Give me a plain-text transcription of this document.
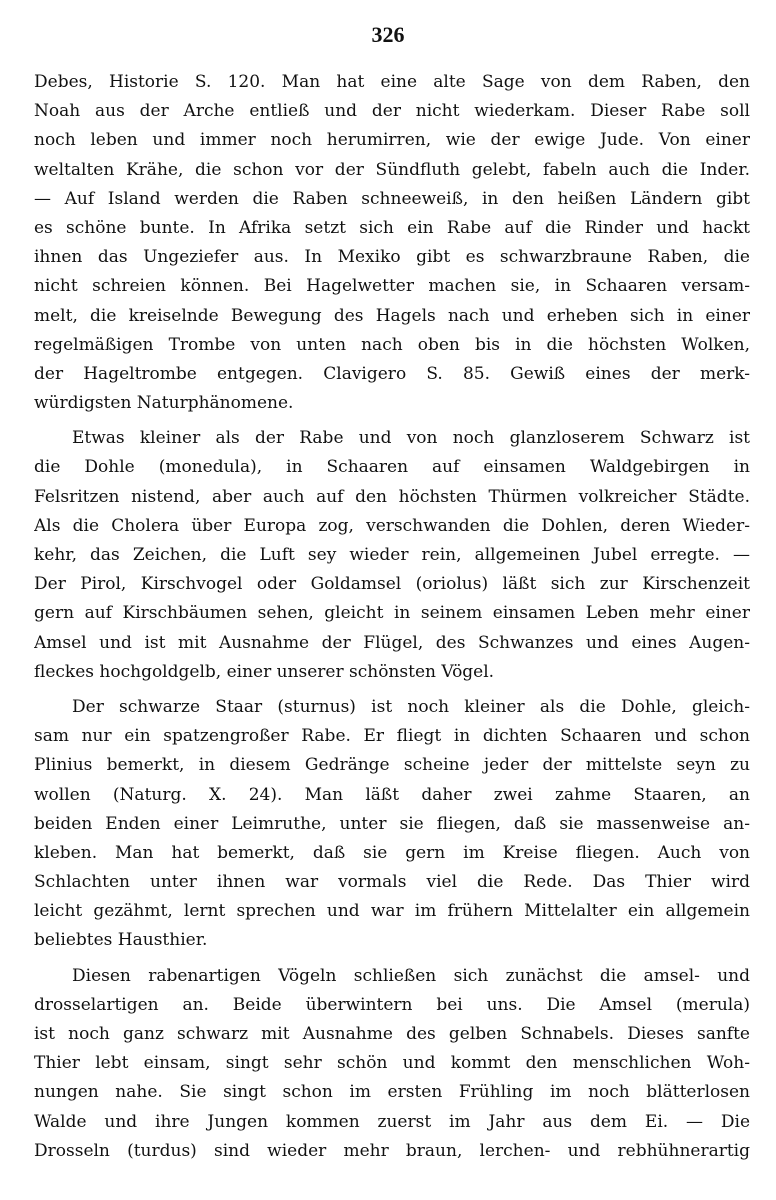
326
Debes, Historie S. 120. Man hat eine alte Sage von dem Raben, den
Noah aus der Arche entließ und der nicht wiederkam. Dieser Rabe soll
noch leben und immer noch herumirren, wie der ewige Jude. Von einer
weltalten Krähe, die schon vor der Sündfluth gelebt, fabeln auch die Inder.
— Auf Island werden die Raben schneeweiß, in den heißen Ländern gibt
es schöne bunte. In Afrika setzt sich ein Rabe auf die Rinder und hackt
ihnen das Ungeziefer aus. In Mexiko gibt es schwarzbraune Raben, die
nicht schreien können. Bei Hagelwetter machen sie, in Schaaren versam-
melt, die kreiselnde Bewegung des Hagels nach und erheben sich in einer
regelmäßigen Trombe von unten nach oben bis in die höchsten Wolken,
der Hageltrombe entgegen. Clavigero S. 85. Gewiß eines der merk-
würdigsten Naturphänomene.
Etwas kleiner als der Rabe und von noch glanzloserem Schwarz ist
die Dohle (monedula), in Schaaren auf einsamen Waldgebirgen in
Felsritzen nistend, aber auch auf den höchsten Thürmen volkreicher Städte.
Als die Cholera über Europa zog, verschwanden die Dohlen, deren Wieder-
kehr, das Zeichen, die Luft sey wieder rein, allgemeinen Jubel erregte. —
Der Pirol, Kirschvogel oder Goldamsel (oriolus) läßt sich zur Kirschenzeit
gern auf Kirschbäumen sehen, gleicht in seinem einsamen Leben mehr einer
Amsel und ist mit Ausnahme der Flügel, des Schwanzes und eines Augen-
fleckes hochgoldgelb, einer unserer schönsten Vögel.
Der schwarze Staar (sturnus) ist noch kleiner als die Dohle, gleich-
sam nur ein spatzengroßer Rabe. Er fliegt in dichten Schaaren und schon
Plinius bemerkt, in diesem Gedränge scheine jeder der mittelste seyn zu
wollen (Naturg. X. 24). Man läßt daher zwei zahme Staaren, an
beiden Enden einer Leimruthe, unter sie fliegen, daß sie massenweise an-
kleben. Man hat bemerkt, daß sie gern im Kreise fliegen. Auch von
Schlachten unter ihnen war vormals viel die Rede. Das Thier wird
leicht gezähmt, lernt sprechen und war im frühern Mittelalter ein allgemein
beliebtes Hausthier.
Diesen rabenartigen Vögeln schließen sich zunächst die amsel- und
drosselartigen an. Beide überwintern bei uns. Die Amsel (merula)
ist noch ganz schwarz mit Ausnahme des gelben Schnabels. Dieses sanfte
Thier lebt einsam, singt sehr schön und kommt den menschlichen Woh-
nungen nahe. Sie singt schon im ersten Frühling im noch blätterlosen
Walde und ihre Jungen kommen zuerst im Jahr aus dem Ei. — Die
Drosseln (turdus) sind wieder mehr braun, lerchen- und rebhühnerartig
